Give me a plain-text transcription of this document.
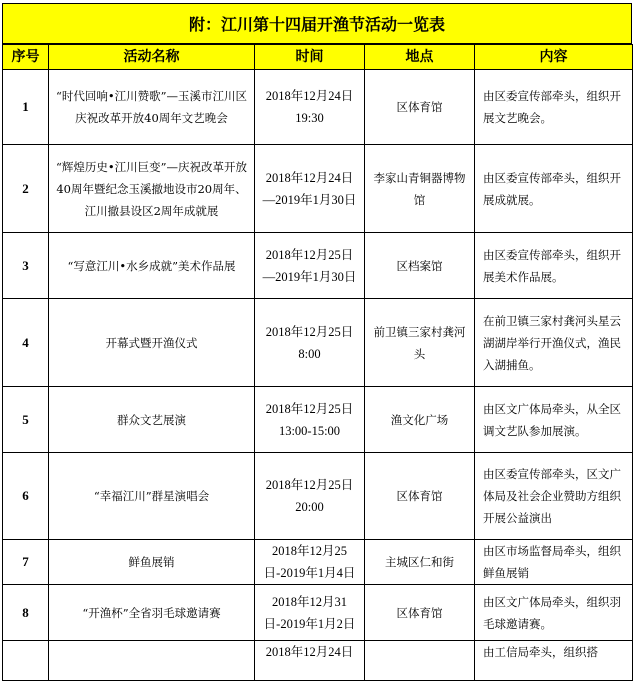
附：江川第十四届开渔节活动一览表
序号	活动名称	时间	地点	内容
1	“时代回响•江川赞歌”—玉溪市江川区庆祝改革开放40周年文艺晚会	2018年12月24日19:30	区体育馆	由区委宣传部牵头，组织开展文艺晚会。
2	“辉煌历史•江川巨变”—庆祝改革开放40周年暨纪念玉溪撤地设市20周年、江川撤县设区2周年成就展	2018年12月24日—2019年1月30日	李家山青铜器博物馆	由区委宣传部牵头，组织开展成就展。
3	“写意江川•水乡成就”美术作品展	2018年12月25日—2019年1月30日	区档案馆	由区委宣传部牵头，组织开展美术作品展。
4	开幕式暨开渔仪式	2018年12月25日8:00	前卫镇三家村龚河头	在前卫镇三家村龚河头星云湖湖岸举行开渔仪式，渔民入湖捕鱼。
5	群众文艺展演	2018年12月25日13:00-15:00	渔文化广场	由区文广体局牵头，从全区调文艺队参加展演。
6	“幸福江川”群星演唱会	2018年12月25日20:00	区体育馆	由区委宣传部牵头，区文广体局及社会企业赞助方组织开展公益演出
7	鲜鱼展销	2018年12月25日-2019年1月4日	主城区仁和街	由区市场监督局牵头，组织鲜鱼展销
8	“开渔杯”全省羽毛球邀请赛	2018年12月31日-2019年1月2日	区体育馆	由区文广体局牵头，组织羽毛球邀请赛。
		2018年12月24日		由工信局牵头，组织搭
